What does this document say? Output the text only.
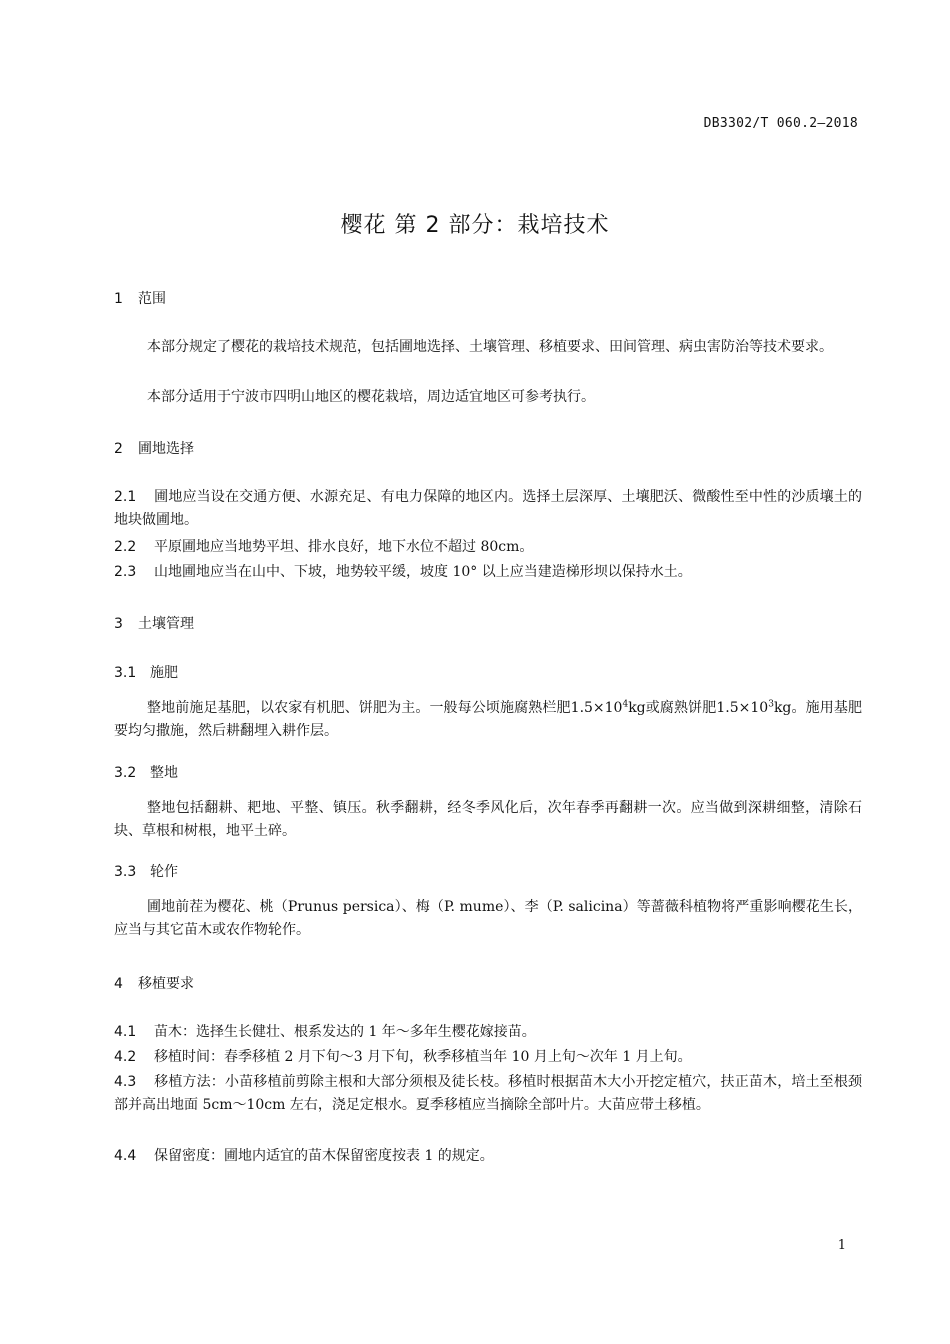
DB3302/T 060.2—2018
樱花 第 2 部分：栽培技术
1 范围
本部分规定了樱花的栽培技术规范，包括圃地选择、土壤管理、移植要求、田间管理、病虫害防治等技术要求。
本部分适用于宁波市四明山地区的樱花栽培，周边适宜地区可参考执行。
2 圃地选择
2.1 圃地应当设在交通方便、水源充足、有电力保障的地区内。选择土层深厚、土壤肥沃、微酸性至中性的沙质壤土的地块做圃地。
2.2 平原圃地应当地势平坦、排水良好，地下水位不超过 80cm。
2.3 山地圃地应当在山中、下坡，地势较平缓，坡度 10° 以上应当建造梯形坝以保持水土。
3 土壤管理
3.1 施肥
整地前施足基肥，以农家有机肥、饼肥为主。一般每公顷施腐熟栏肥$1.5\times 10^4kg$或腐熟饼肥$1.5\times 10^3kg$。施用基肥要均匀撒施，然后耕翻埋入耕作层。
3.2 整地
整地包括翻耕、耙地、平整、镇压。秋季翻耕，经冬季风化后，次年春季再翻耕一次。应当做到深耕细整，清除石块、草根和树根，地平土碎。
3.3 轮作
圃地前茬为樱花、桃（Prunus persica）、梅（P. mume）、李（P. salicina）等蔷薇科植物将严重影响樱花生长，应当与其它苗木或农作物轮作。
4 移植要求
4.1 苗木：选择生长健壮、根系发达的 1 年～多年生樱花嫁接苗。
4.2 移植时间：春季移植 2 月下旬～3 月下旬，秋季移植当年 10 月上旬～次年 1 月上旬。
4.3 移植方法：小苗移植前剪除主根和大部分须根及徒长枝。移植时根据苗木大小开挖定植穴，扶正苗木，培土至根颈部并高出地面 5cm～10cm 左右，浇足定根水。夏季移植应当摘除全部叶片。大苗应带土移植。
4.4 保留密度：圃地内适宜的苗木保留密度按表 1 的规定。
1
